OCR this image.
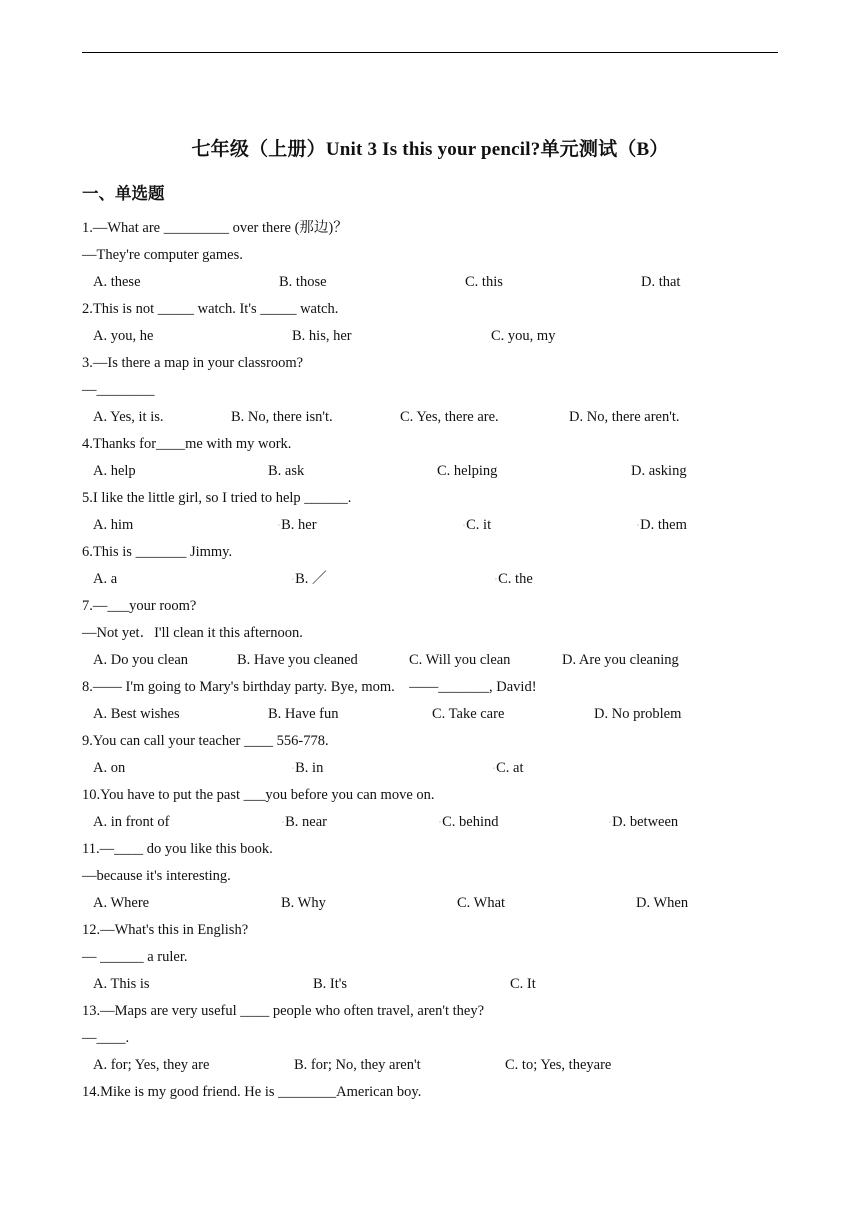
七年级（上册）Unit 3 Is this your pencil?单元测试（B）
一、单选题
1.—What are _________ over there (那边)？
—They're computer games.
A. these	B. those	C. this	D. that
2.This is not _____ watch. It's _____ watch.
A. you, he	B. his, her	C. you, my
3.—Is there a map in your classroom?
—________
A. Yes, it is.	B. No, there isn't.	C. Yes, there are.	D. No, there aren't.
4.Thanks for____me with my work.
A. help	B. ask	C. helping	D. asking
5.I like the little girl, so I tried to help ______.
A. him	◦B. her	◦C. it	◦D. them
6.This is _______ Jimmy.
A. a	◦B. ／	◦C. the
7.—___your room?
—Not yet．I'll clean it this afternoon.
A. Do you clean	B. Have you cleaned	C. Will you clean	D. Are you cleaning
8.—— I'm going to Mary's birthday party. Bye, mom.    ——_______, David!
A. Best wishes	B. Have fun	C. Take care	D. No problem
9.You can call your teacher ____ 556-778.
A. on	◦B. in	◦C. at
10.You have to put the past ___you before you can move on.
A. in front of	◦B. near	◦C. behind	◦D. between
11.—____ do you like this book.
—because it's interesting.
A. Where	B. Why	C. What	D. When
12.—What's this in English?
— ______ a ruler.
A. This is	B. It's	C. It
13.—Maps are very useful ____ people who often travel, aren't they?
—____.
A. for; Yes, they are	B. for; No, they aren't	C. to; Yes, theyare
14.Mike is my good friend. He is ________American boy.
